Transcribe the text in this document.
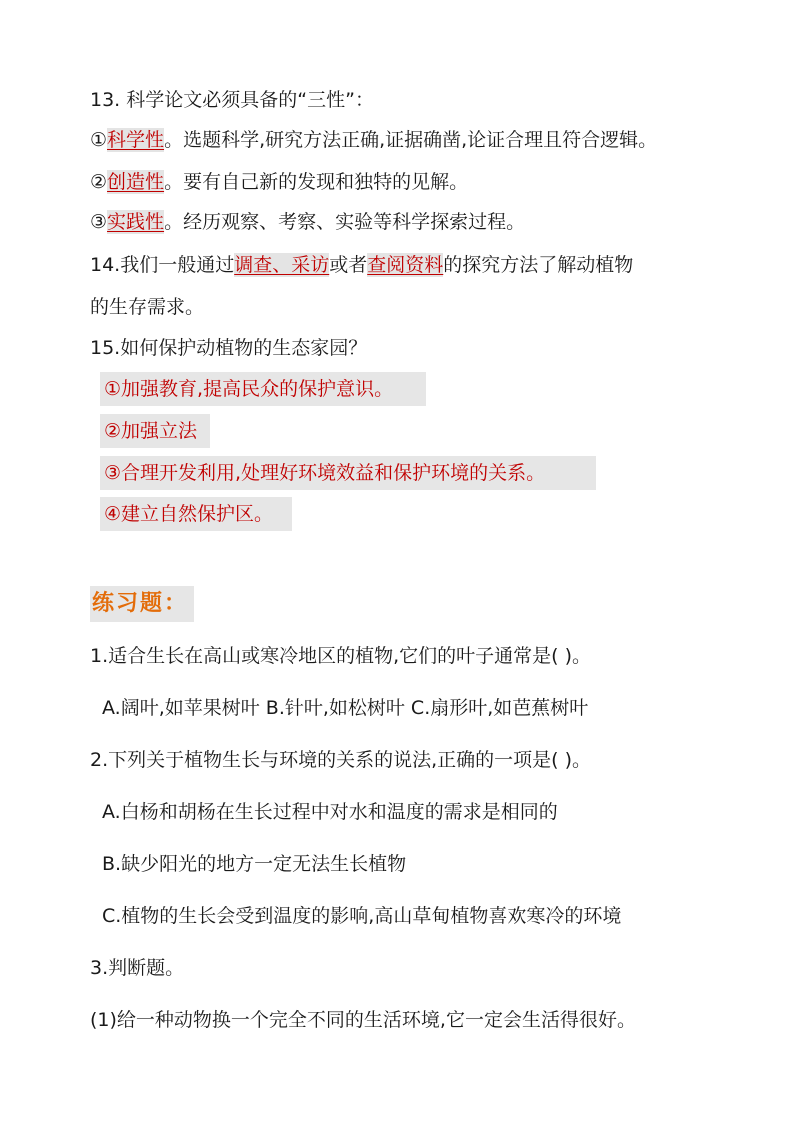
13. 科学论文必须具备的“三性”：
①科学性。选题科学,研究方法正确,证据确凿,论证合理且符合逻辑。
②创造性。要有自己新的发现和独特的见解。
③实践性。经历观察、考察、实验等科学探索过程。
14.我们一般通过调查、采访或者查阅资料的探究方法了解动植物
的生存需求。
15.如何保护动植物的生态家园？
①加强教育,提高民众的保护意识。
②加强立法
③合理开发利用,处理好环境效益和保护环境的关系。
④建立自然保护区。
练习题：
1.适合生长在高山或寒冷地区的植物,它们的叶子通常是( )。
A.阔叶,如苹果树叶 B.针叶,如松树叶 C.扇形叶,如芭蕉树叶
2.下列关于植物生长与环境的关系的说法,正确的一项是( )。
A.白杨和胡杨在生长过程中对水和温度的需求是相同的
B.缺少阳光的地方一定无法生长植物
C.植物的生长会受到温度的影响,高山草甸植物喜欢寒冷的环境
3.判断题。
(1)给一种动物换一个完全不同的生活环境,它一定会生活得很好。
